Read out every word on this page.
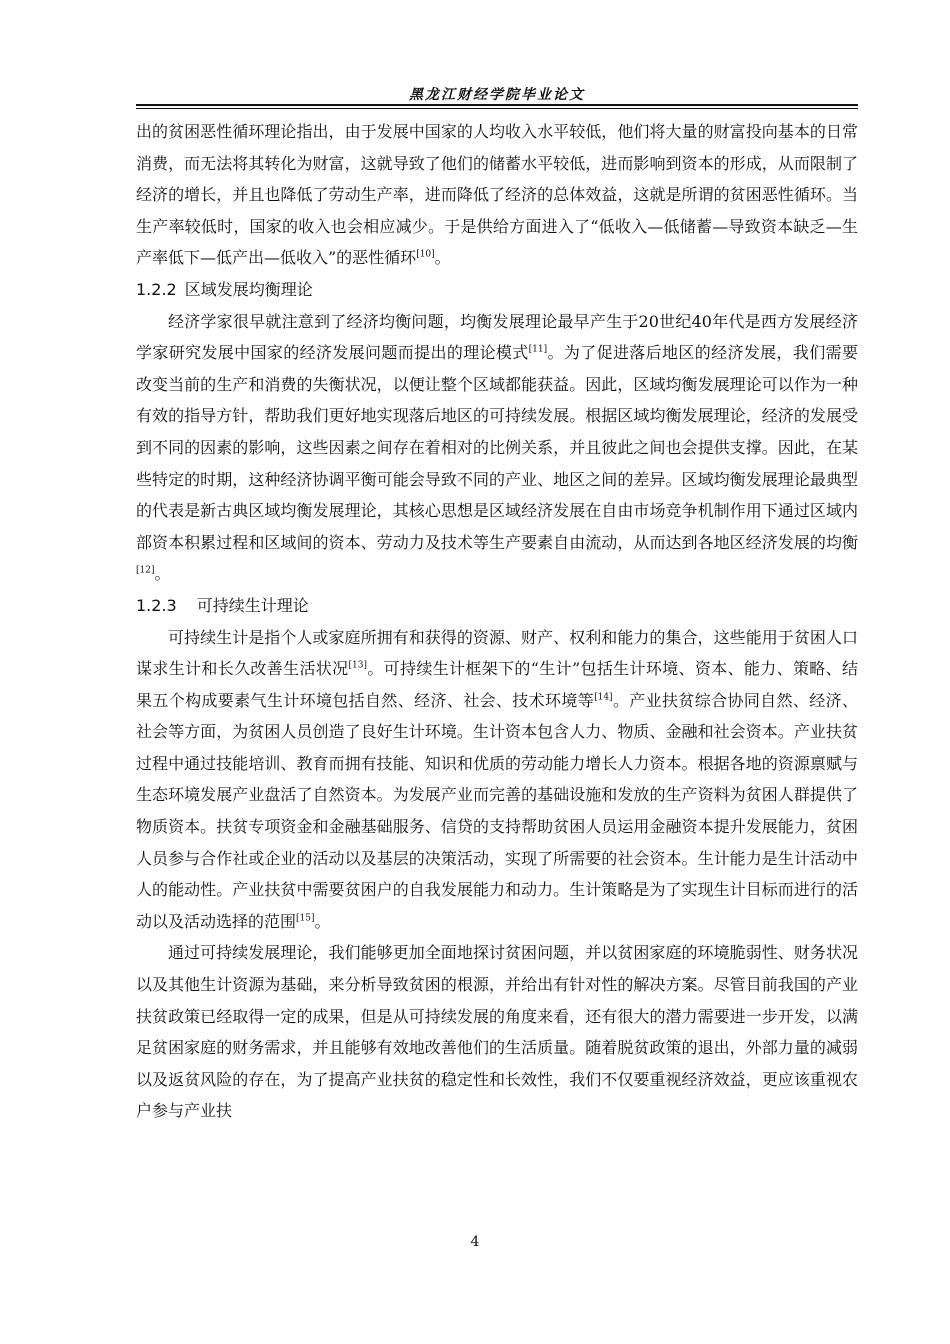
黑龙江财经学院毕业论文

出的贫困恶性循环理论指出，由于发展中国家的人均收入水平较低，他们将大量的财富投向基本的日常消费，而无法将其转化为财富，这就导致了他们的储蓄水平较低，进而影响到资本的形成，从而限制了经济的增长，并且也降低了劳动生产率，进而降低了经济的总体效益，这就是所谓的贫困恶性循环。当生产率较低时，国家的收入也会相应减少。于是供给方面进入了“低收入—低储蓄—导致资本缺乏—生产率低下—低产出—低收入”的恶性循环[10]。

1.2.2 区域发展均衡理论

经济学家很早就注意到了经济均衡问题，均衡发展理论最早产生于20世纪40年代是西方发展经济学家研究发展中国家的经济发展问题而提出的理论模式[11]。为了促进落后地区的经济发展，我们需要改变当前的生产和消费的失衡状况，以便让整个区域都能获益。因此，区域均衡发展理论可以作为一种有效的指导方针，帮助我们更好地实现落后地区的可持续发展。根据区域均衡发展理论，经济的发展受到不同的因素的影响，这些因素之间存在着相对的比例关系，并且彼此之间也会提供支撑。因此，在某些特定的时期，这种经济协调平衡可能会导致不同的产业、地区之间的差异。区域均衡发展理论最典型的代表是新古典区域均衡发展理论，其核心思想是区域经济发展在自由市场竞争机制作用下通过区域内部资本积累过程和区域间的资本、劳动力及技术等生产要素自由流动，从而达到各地区经济发展的均衡[12]。

1.2.3 可持续生计理论

可持续生计是指个人或家庭所拥有和获得的资源、财产、权利和能力的集合，这些能用于贫困人口谋求生计和长久改善生活状况[13]。可持续生计框架下的“生计”包括生计环境、资本、能力、策略、结果五个构成要素气生计环境包括自然、经济、社会、技术环境等[14]。产业扶贫综合协同自然、经济、社会等方面，为贫困人员创造了良好生计环境。生计资本包含人力、物质、金融和社会资本。产业扶贫过程中通过技能培训、教育而拥有技能、知识和优质的劳动能力增长人力资本。根据各地的资源禀赋与生态环境发展产业盘活了自然资本。为发展产业而完善的基础设施和发放的生产资料为贫困人群提供了物质资本。扶贫专项资金和金融基础服务、信贷的支持帮助贫困人员运用金融资本提升发展能力，贫困人员参与合作社或企业的活动以及基层的决策活动，实现了所需要的社会资本。生计能力是生计活动中人的能动性。产业扶贫中需要贫困户的自我发展能力和动力。生计策略是为了实现生计目标而进行的活动以及活动选择的范围[15]。

通过可持续发展理论，我们能够更加全面地探讨贫困问题，并以贫困家庭的环境脆弱性、财务状况以及其他生计资源为基础，来分析导致贫困的根源，并给出有针对性的解决方案。尽管目前我国的产业扶贫政策已经取得一定的成果，但是从可持续发展的角度来看，还有很大的潜力需要进一步开发，以满足贫困家庭的财务需求，并且能够有效地改善他们的生活质量。随着脱贫政策的退出，外部力量的减弱以及返贫风险的存在，为了提高产业扶贫的稳定性和长效性，我们不仅要重视经济效益，更应该重视农户参与产业扶

4
